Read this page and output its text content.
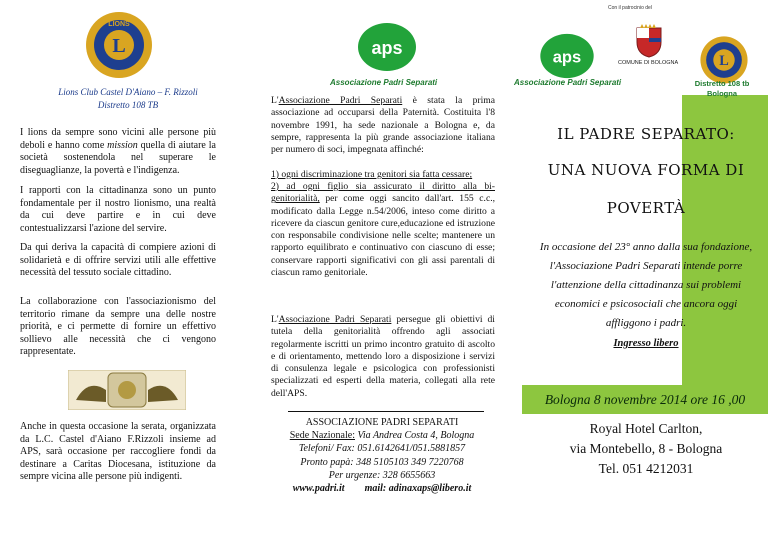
L
LIONS
Lions Club Castel D'Aiano – F. Rizzoli
Distretto 108 TB

I lions da sempre sono vicini alle persone più deboli e hanno come mission quella di aiutare la società sostenendola nel superare le diseguaglianze, la povertà e l'indigenza.

I rapporti con la cittadinanza sono un punto fondamentale per il nostro lionismo, una realtà da cui deve partire e in cui deve contestualizzarsi l'azione del servire.

Da qui deriva la capacità di compiere azioni di solidarietà e di offrire servizi utili alle effettive necessità del tessuto sociale cittadino.

La collaborazione con l'associazionismo del territorio rimane da sempre una delle nostre priorità, e ci permette di fornire un effettivo sollievo alle necessità che ci vengono rappresentate.

Anche in questa occasione la serata, organizzata da L.C. Castel d'Aiano F.Rizzoli insieme ad APS, sarà occasione per raccogliere fondi da destinare a Caritas Diocesana, istituzione da sempre vicina alle persone più indigenti.

aps
Associazione Padri Separati
L'Associazione Padri Separati è stata la prima associazione ad occuparsi della Paternità. Costituita l'8 novembre 1991, ha sede nazionale a Bologna e, da sempre, rappresenta la più grande associazione italiana per numero di soci, impegnata affinché:
1) ogni discriminazione tra genitori sia fatta cessare;
2) ad ogni figlio sia assicurato il diritto alla bi-genitorialità, per come oggi sancito dall'art. 155 c.c., modificato dalla Legge n.54/2006, inteso come diritto a ricevere da ciascun genitore cure,educazione ed istruzione con responsabile condivisione nelle scelte; mantenere un rapporto equilibrato e continuativo con ciascuno di esse; conservare rapporti significativi con gli assi parentali di ciascun ramo genitoriale.
L'Associazione Padri Separati persegue gli obiettivi di tutela della genitorialità offrendo agli associati regolarmente iscritti un primo incontro gratuito di ascolto e di orientamento, mettendo loro a disposizione i servizi di consulenza legale e psicologica con professionisti specializzati ed esperti della materia, collegati alla rete dell'APS.
ASSOCIAZIONE PADRI SEPARATI
Sede Nazionale: Via Andrea Costa 4, Bologna
Telefoni/ Fax: 051.6142641/051.5881857
Pronto papà: 348 5105103 349 7220768
Per urgenze: 328 6655663
www.padri.it mail: adinaxaps@libero.it
Con il patrocinio del
aps
Associazione Padri Separati
COMUNE DI BOLOGNA L
Distretto 108 tb
Bologna
IL PADRE SEPARATO:
UNA NUOVA FORMA DI
POVERTÀ
In occasione del 23° anno dalla sua fondazione,
l'Associazione Padri Separati intende porre
l'attenzione della cittadinanza sui problemi
economici e psicosociali che ancora oggi
affliggono i padri.
Ingresso libero
Bologna 8 novembre 2014 ore 16 ,00
Royal Hotel Carlton,
via Montebello, 8 - Bologna
Tel. 051 4212031
